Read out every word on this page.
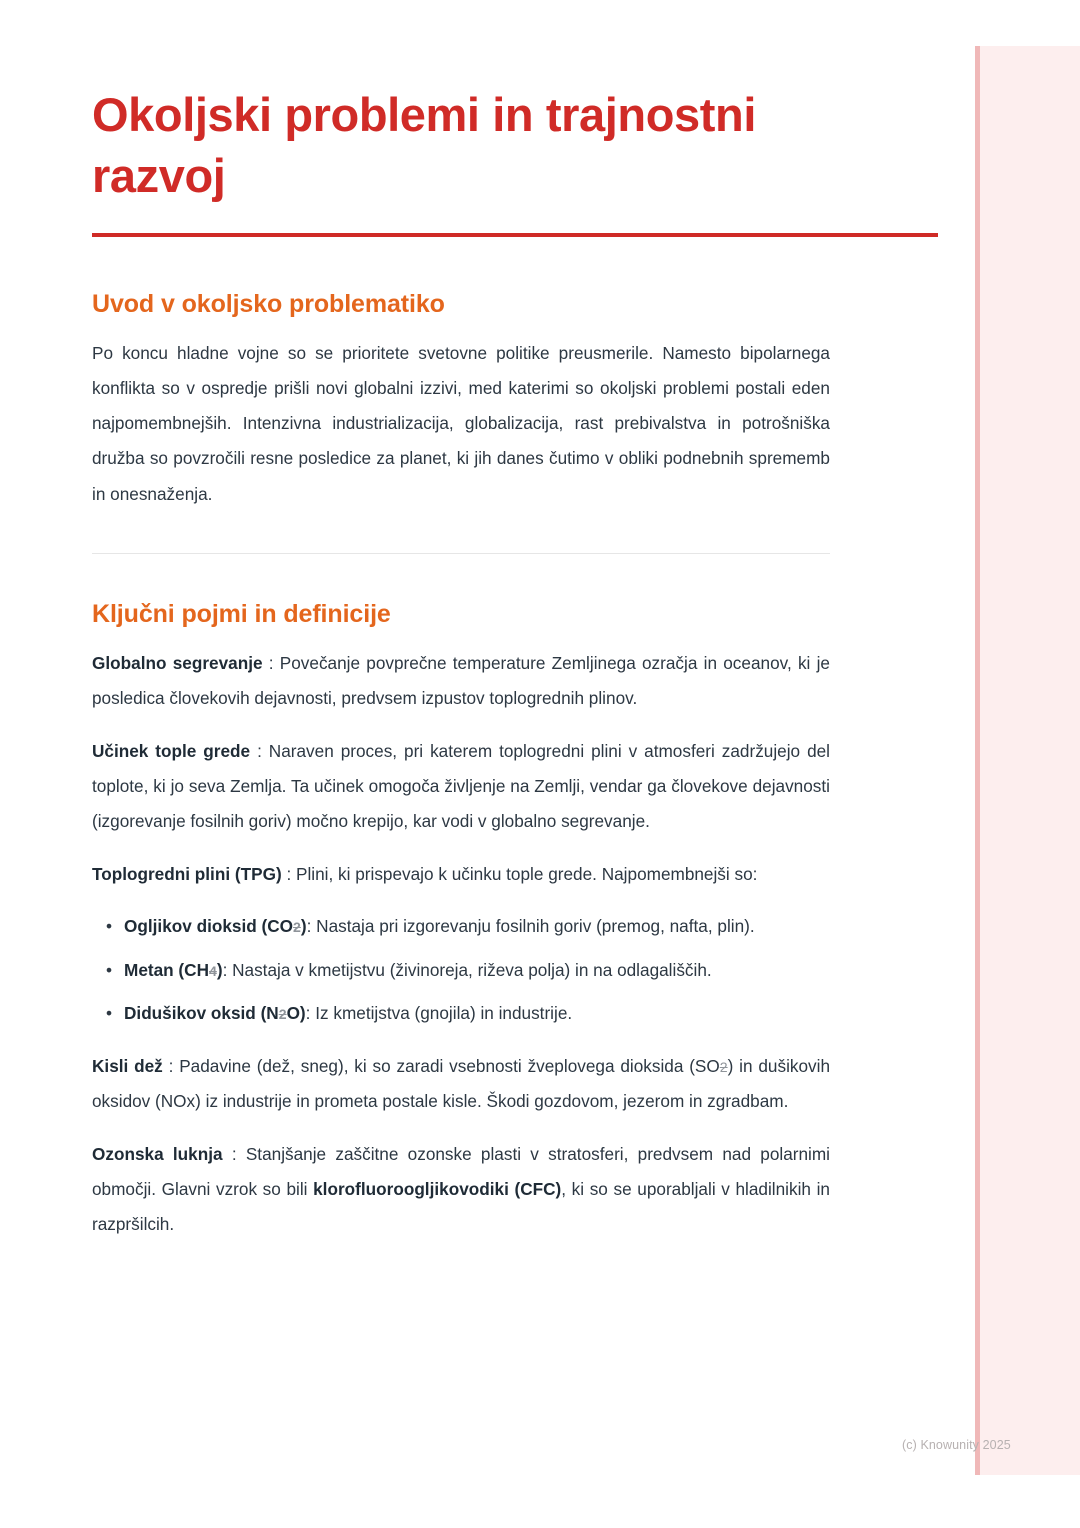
Okoljski problemi in trajnostni razvoj
Uvod v okoljsko problematiko

Po koncu hladne vojne so se prioritete svetovne politike preusmerile. Namesto bipolarnega konflikta so v ospredje prišli novi globalni izzivi, med katerimi so okoljski problemi postali eden najpomembnejših. Intenzivna industrializacija, globalizacija, rast prebivalstva in potrošniška družba so povzročili resne posledice za planet, ki jih danes čutimo v obliki podnebnih sprememb in onesnaženja.

Ključni pojmi in definicije

Globalno segrevanje : Povečanje povprečne temperature Zemljinega ozračja in oceanov, ki je posledica človekovih dejavnosti, predvsem izpustov toplogrednih plinov.

Učinek tople grede : Naraven proces, pri katerem toplogredni plini v atmosferi zadržujejo del toplote, ki jo seva Zemlja. Ta učinek omogoča življenje na Zemlji, vendar ga človekove dejavnosti (izgorevanje fosilnih goriv) močno krepijo, kar vodi v globalno segrevanje.

Toplogredni plini (TPG) : Plini, ki prispevajo k učinku tople grede. Najpomembnejši so:

• Ogljikov dioksid (CO2): Nastaja pri izgorevanju fosilnih goriv (premog, nafta, plin).
• Metan (CH4): Nastaja v kmetijstvu (živinoreja, riževa polja) in na odlagališčih.
• Didušikov oksid (N2O): Iz kmetijstva (gnojila) in industrije.

Kisli dež : Padavine (dež, sneg), ki so zaradi vsebnosti žveplovega dioksida (SO2) in dušikovih oksidov (NOx) iz industrije in prometa postale kisle. Škodi gozdovom, jezerom in zgradbam.

Ozonska luknja : Stanjšanje zaščitne ozonske plasti v stratosferi, predvsem nad polarnimi območji. Glavni vzrok so bili klorofluoroogljikovodiki (CFC), ki so se uporabljali v hladilnikih in razpršilcih.

(c) Knowunity 2025
